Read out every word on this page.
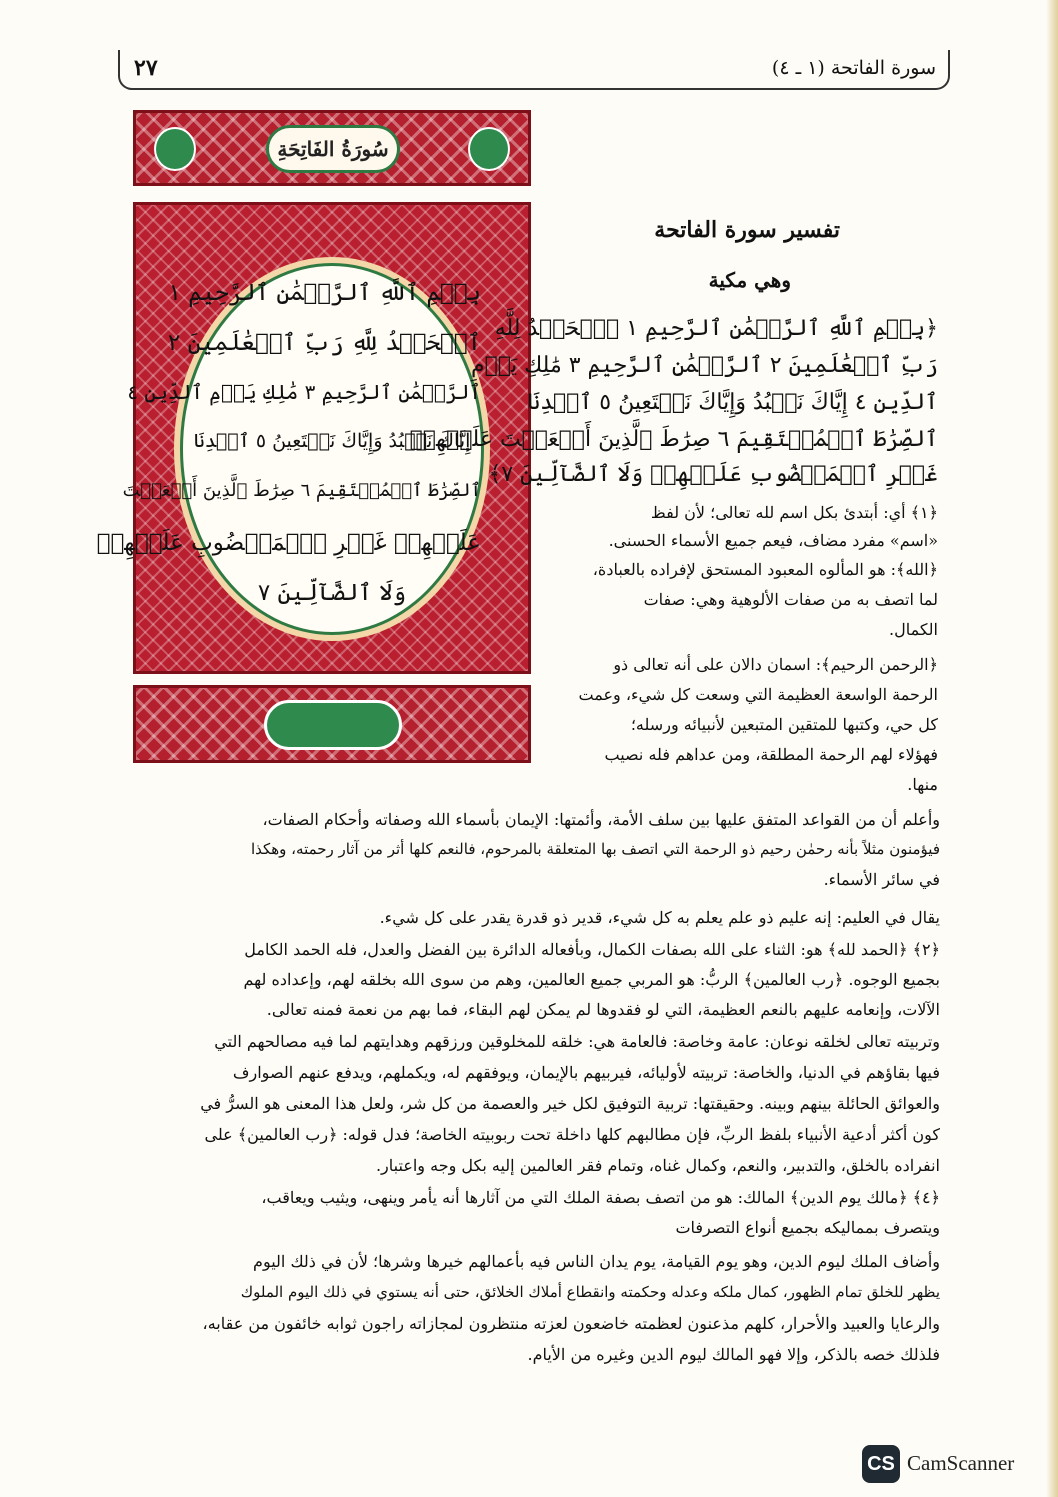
سورة الفاتحة (١ ـ ٤)
٢٧
سُورَةُ الفَاتِحَةِ
بِسۡمِ ٱللَّهِ ٱلرَّحۡمَٰنِ ٱلرَّحِيمِ ١
ٱلۡحَمۡدُ لِلَّهِ رَبِّ ٱلۡعَٰلَمِينَ ٢
ٱلرَّحۡمَٰنِ ٱلرَّحِيمِ ٣ مَٰلِكِ يَوۡمِ ٱلدِّينِ ٤
إِيَّاكَ نَعۡبُدُ وَإِيَّاكَ نَسۡتَعِينُ ٥ ٱهۡدِنَا
ٱلصِّرَٰطَ ٱلۡمُسۡتَقِيمَ ٦ صِرَٰطَ ٱلَّذِينَ أَنۡعَمۡتَ
عَلَيۡهِمۡ غَيۡرِ ٱلۡمَغۡضُوبِ عَلَيۡهِمۡ
وَلَا ٱلضَّآلِّينَ ٧
تفسير سورة الفاتحة
وهي مكية
﴿بِسۡمِ ٱللَّهِ ٱلرَّحۡمَٰنِ ٱلرَّحِيمِ ١ ٱلۡحَمۡدُ لِلَّهِ
رَبِّ ٱلۡعَٰلَمِينَ ٢ ٱلرَّحۡمَٰنِ ٱلرَّحِيمِ ٣ مَٰلِكِ يَوۡمِ
ٱلدِّينِ ٤ إِيَّاكَ نَعۡبُدُ وَإِيَّاكَ نَسۡتَعِينُ ٥ ٱهۡدِنَا
ٱلصِّرَٰطَ ٱلۡمُسۡتَقِيمَ ٦ صِرَٰطَ ٱلَّذِينَ أَنۡعَمۡتَ عَلَيۡهِمۡ
غَيۡرِ ٱلۡمَغۡضُوبِ عَلَيۡهِمۡ وَلَا ٱلضَّآلِّينَ ٧﴾
﴿١﴾ أي: أبتدئ بكل اسم لله تعالى؛ لأن لفظ
«اسم» مفرد مضاف، فيعم جميع الأسماء الحسنى.
﴿الله﴾: هو المألوه المعبود المستحق لإفراده بالعبادة،
لما اتصف به من صفات الألوهية وهي: صفات
الكمال.
﴿الرحمن الرحيم﴾: اسمان دالان على أنه تعالى ذو
الرحمة الواسعة العظيمة التي وسعت كل شيء، وعمت
كل حي، وكتبها للمتقين المتبعين لأنبيائه ورسله؛
فهؤلاء لهم الرحمة المطلقة، ومن عداهم فله نصيب
منها.
وأعلم أن من القواعد المتفق عليها بين سلف الأمة، وأئمتها: الإيمان بأسماء الله وصفاته وأحكام الصفات،
فيؤمنون مثلاً بأنه رحمٰن رحيم ذو الرحمة التي اتصف بها المتعلقة بالمرحوم، فالنعم كلها أثر من آثار رحمته، وهكذا
في سائر الأسماء.
يقال في العليم: إنه عليم ذو علم يعلم به كل شيء، قدير ذو قدرة يقدر على كل شيء.
﴿٢﴾ ﴿الحمد لله﴾ هو: الثناء على الله بصفات الكمال، وبأفعاله الدائرة بين الفضل والعدل، فله الحمد الكامل
بجميع الوجوه. ﴿رب العالمين﴾ الربُّ: هو المربي جميع العالمين، وهم من سوى الله بخلقه لهم، وإعداده لهم
الآلات، وإنعامه عليهم بالنعم العظيمة، التي لو فقدوها لم يمكن لهم البقاء، فما بهم من نعمة فمنه تعالى.
وتربيته تعالى لخلقه نوعان: عامة وخاصة: فالعامة هي: خلقه للمخلوقين ورزقهم وهدايتهم لما فيه مصالحهم التي
فيها بقاؤهم في الدنيا، والخاصة: تربيته لأوليائه، فيربيهم بالإيمان، ويوفقهم له، ويكملهم، ويدفع عنهم الصوارف
والعوائق الحائلة بينهم وبينه. وحقيقتها: تربية التوفيق لكل خير والعصمة من كل شر، ولعل هذا المعنى هو السرُّ في
كون أكثر أدعية الأنبياء بلفظ الربِّ، فإن مطالبهم كلها داخلة تحت ربوبيته الخاصة؛ فدل قوله: ﴿رب العالمين﴾ على
انفراده بالخلق، والتدبير، والنعم، وكمال غناه، وتمام فقر العالمين إليه بكل وجه واعتبار.
﴿٤﴾ ﴿مالك يوم الدين﴾ المالك: هو من اتصف بصفة الملك التي من آثارها أنه يأمر وينهى، ويثيب ويعاقب،
ويتصرف بمماليكه بجميع أنواع التصرفات
وأضاف الملك ليوم الدين، وهو يوم القيامة، يوم يدان الناس فيه بأعمالهم خيرها وشرها؛ لأن في ذلك اليوم
يظهر للخلق تمام الظهور، كمال ملكه وعدله وحكمته وانقطاع أملاك الخلائق، حتى أنه يستوي في ذلك اليوم الملوك
والرعايا والعبيد والأحرار، كلهم مذعنون لعظمته خاضعون لعزته منتظرون لمجازاته راجون ثوابه خائفون من عقابه،
فلذلك خصه بالذكر، وإلا فهو المالك ليوم الدين وغيره من الأيام.
CS CamScanner
